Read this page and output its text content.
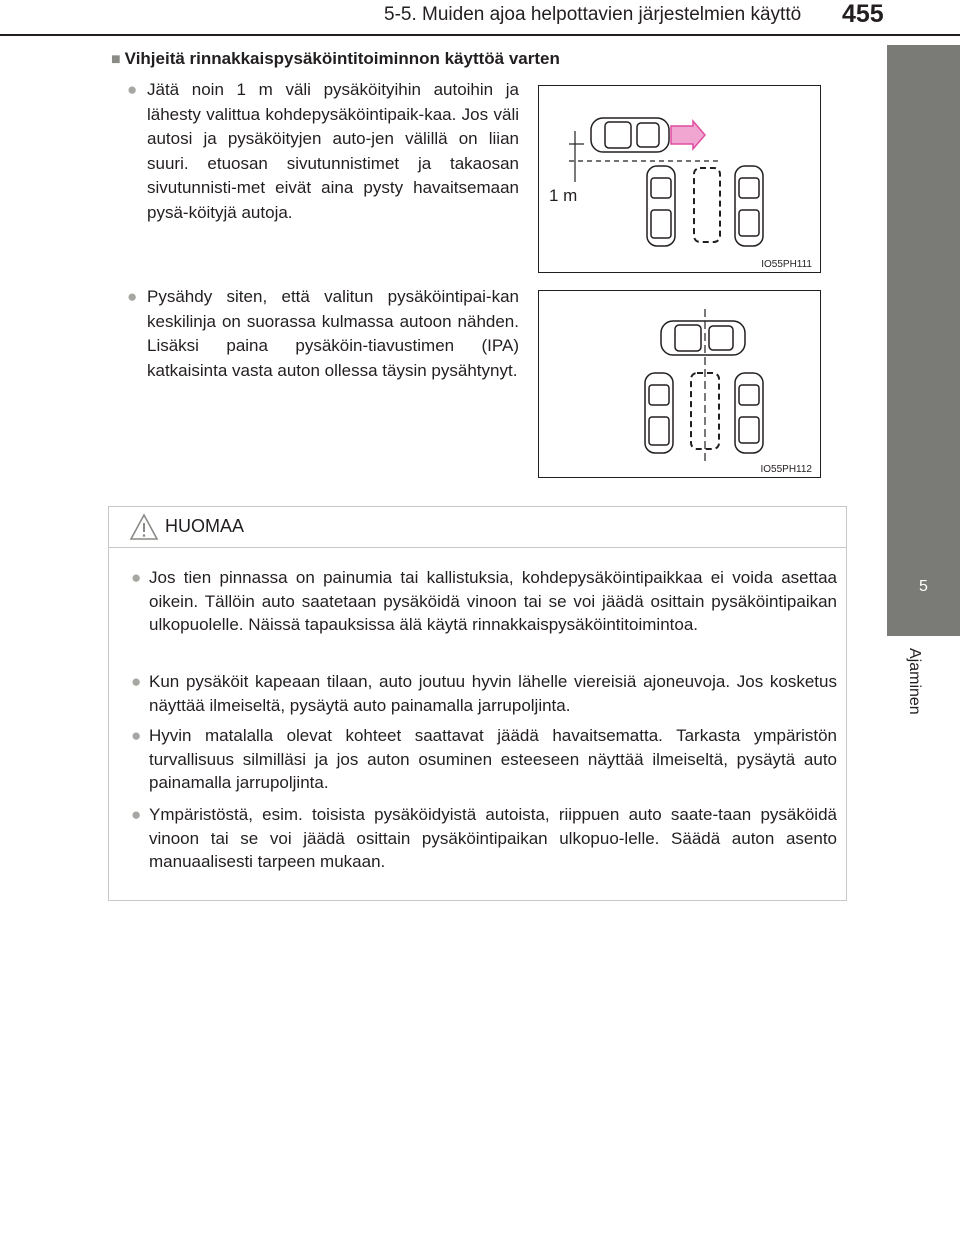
5-5. Muiden ajoa helpottavien järjestelmien käyttö 455
5
Ajaminen
■ Vihjeitä rinnakkaispysäköintitoiminnon käyttöä varten
● Jätä noin 1 m väli pysäköityihin autoihin ja lähesty valittua kohdepysäköintipaik-kaa. Jos väli autosi ja pysäköityjen auto-jen välillä on liian suuri. etuosan sivutunnistimet ja takaosan sivutunnisti-met eivät aina pysty havaitsemaan pysä-köityjä autoja.
● Pysähdy siten, että valitun pysäköintipai-kan keskilinja on suorassa kulmassa autoon nähden. Lisäksi paina pysäköin-tiavustimen (IPA) katkaisinta vasta auton ollessa täysin pysähtynyt.
1 m
IO55PH111
IO55PH112
HUOMAA
● Jos tien pinnassa on painumia tai kallistuksia, kohdepysäköintipaikkaa ei voida asettaa oikein. Tällöin auto saatetaan pysäköidä vinoon tai se voi jäädä osittain pysäköintipaikan ulkopuolelle. Näissä tapauksissa älä käytä rinnakkaispysäköintitoimintoa.
● Kun pysäköit kapeaan tilaan, auto joutuu hyvin lähelle viereisiä ajoneuvoja. Jos kosketus näyttää ilmeiseltä, pysäytä auto painamalla jarrupoljinta.
● Hyvin matalalla olevat kohteet saattavat jäädä havaitsematta. Tarkasta ympäristön turvallisuus silmilläsi ja jos auton osuminen esteeseen näyttää ilmeiseltä, pysäytä auto painamalla jarrupoljinta.
● Ympäristöstä, esim. toisista pysäköidyistä autoista, riippuen auto saate-taan pysäköidä vinoon tai se voi jäädä osittain pysäköintipaikan ulkopuo-lelle. Säädä auton asento manuaalisesti tarpeen mukaan.
